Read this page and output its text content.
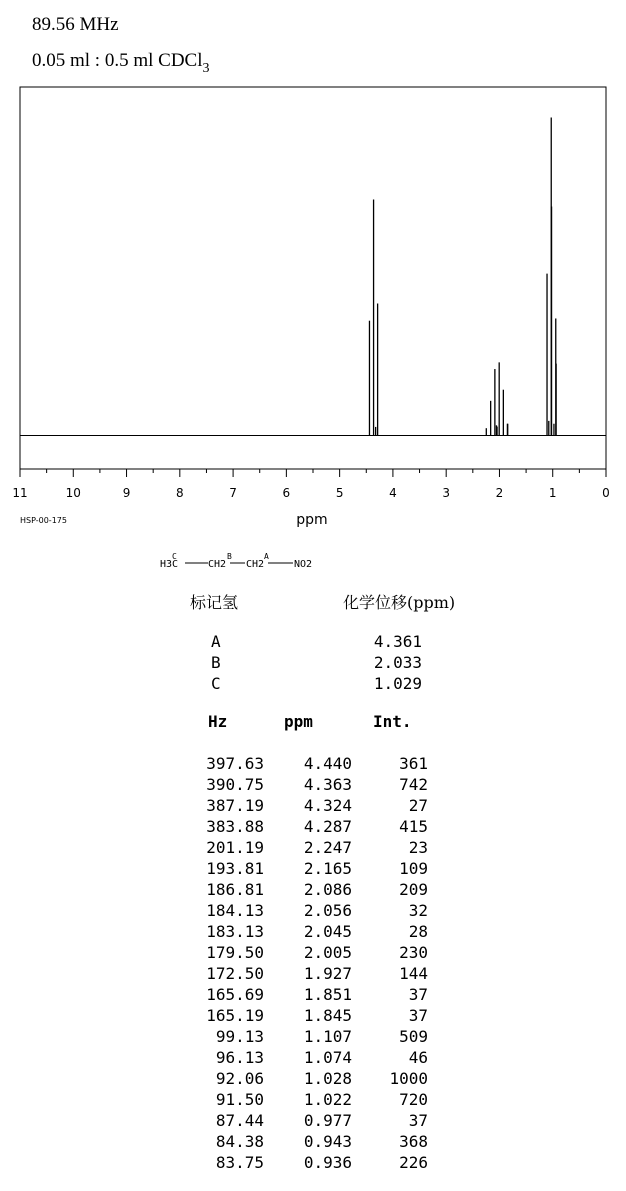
89.56 MHz
0.05 ml : 0.5 ml CDCl$_3$
11	10	9	8	7	6	5	4	3	2	1	0
ppm
HSP-00-175
H3C
C
CH2
B
CH2
A
NO2
标记氢	化学位移(ppm)
A	4.361
B	2.033
C	1.029
Hz	ppm	Int.
397.63	4.440	361
390.75	4.363	742
387.19	4.324	27
383.88	4.287	415
201.19	2.247	23
193.81	2.165	109
186.81	2.086	209
184.13	2.056	32
183.13	2.045	28
179.50	2.005	230
172.50	1.927	144
165.69	1.851	37
165.19	1.845	37
99.13	1.107	509
96.13	1.074	46
92.06	1.028	1000
91.50	1.022	720
87.44	0.977	37
84.38	0.943	368
83.75	0.936	226
